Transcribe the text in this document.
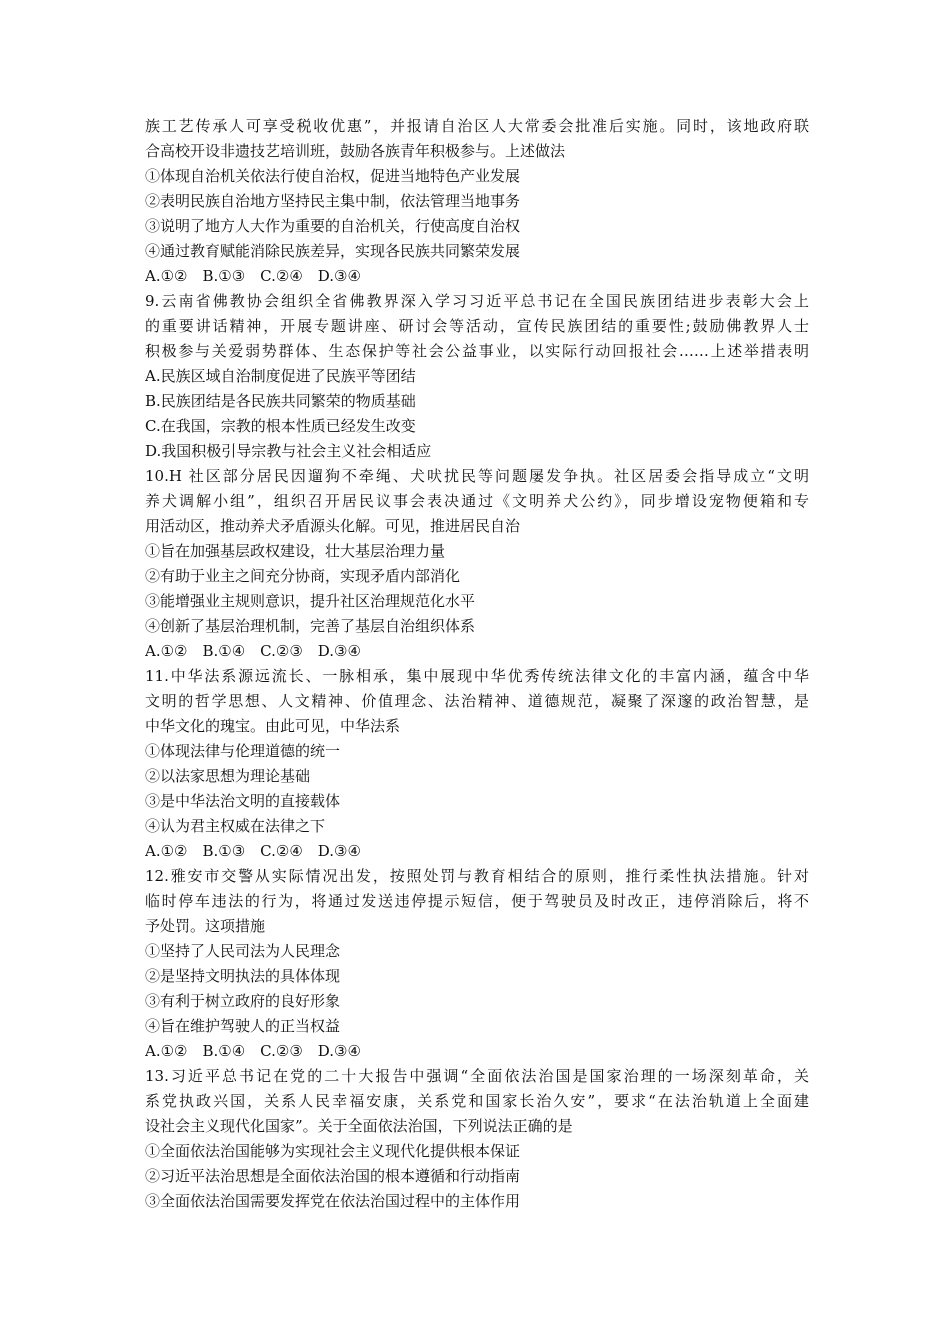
族工艺传承人可享受税收优惠”，并报请自治区人大常委会批准后实施。同时，该地政府联
合高校开设非遗技艺培训班，鼓励各族青年积极参与。上述做法
①体现自治机关依法行使自治权，促进当地特色产业发展
②表明民族自治地方坚持民主集中制，依法管理当地事务
③说明了地方人大作为重要的自治机关，行使高度自治权
④通过教育赋能消除民族差异，实现各民族共同繁荣发展
A.①②　B.①③　C.②④　D.③④
9.云南省佛教协会组织全省佛教界深入学习习近平总书记在全国民族团结进步表彰大会上
的重要讲话精神，开展专题讲座、研讨会等活动，宣传民族团结的重要性;鼓励佛教界人士
积极参与关爱弱势群体、生态保护等社会公益事业，以实际行动回报社会……上述举措表明
A.民族区域自治制度促进了民族平等团结
B.民族团结是各民族共同繁荣的物质基础
C.在我国，宗教的根本性质已经发生改变
D.我国积极引导宗教与社会主义社会相适应
10.H 社区部分居民因遛狗不牵绳、犬吠扰民等问题屡发争执。社区居委会指导成立“文明
养犬调解小组”，组织召开居民议事会表决通过《文明养犬公约》，同步增设宠物便箱和专
用活动区，推动养犬矛盾源头化解。可见，推进居民自治
①旨在加强基层政权建设，壮大基层治理力量
②有助于业主之间充分协商，实现矛盾内部消化
③能增强业主规则意识，提升社区治理规范化水平
④创新了基层治理机制，完善了基层自治组织体系
A.①②　B.①④　C.②③　D.③④
11.中华法系源远流长、一脉相承，集中展现中华优秀传统法律文化的丰富内涵，蕴含中华
文明的哲学思想、人文精神、价值理念、法治精神、道德规范，凝聚了深邃的政治智慧，是
中华文化的瑰宝。由此可见，中华法系
①体现法律与伦理道德的统一
②以法家思想为理论基础
③是中华法治文明的直接载体
④认为君主权威在法律之下
A.①②　B.①③　C.②④　D.③④
12.雅安市交警从实际情况出发，按照处罚与教育相结合的原则，推行柔性执法措施。针对
临时停车违法的行为，将通过发送违停提示短信，便于驾驶员及时改正，违停消除后，将不
予处罚。这项措施
①坚持了人民司法为人民理念
②是坚持文明执法的具体体现
③有利于树立政府的良好形象
④旨在维护驾驶人的正当权益
A.①②　B.①④　C.②③　D.③④
13.习近平总书记在党的二十大报告中强调“全面依法治国是国家治理的一场深刻革命，关
系党执政兴国，关系人民幸福安康，关系党和国家长治久安”，要求“在法治轨道上全面建
设社会主义现代化国家”。关于全面依法治国，下列说法正确的是
①全面依法治国能够为实现社会主义现代化提供根本保证
②习近平法治思想是全面依法治国的根本遵循和行动指南
③全面依法治国需要发挥党在依法治国过程中的主体作用
